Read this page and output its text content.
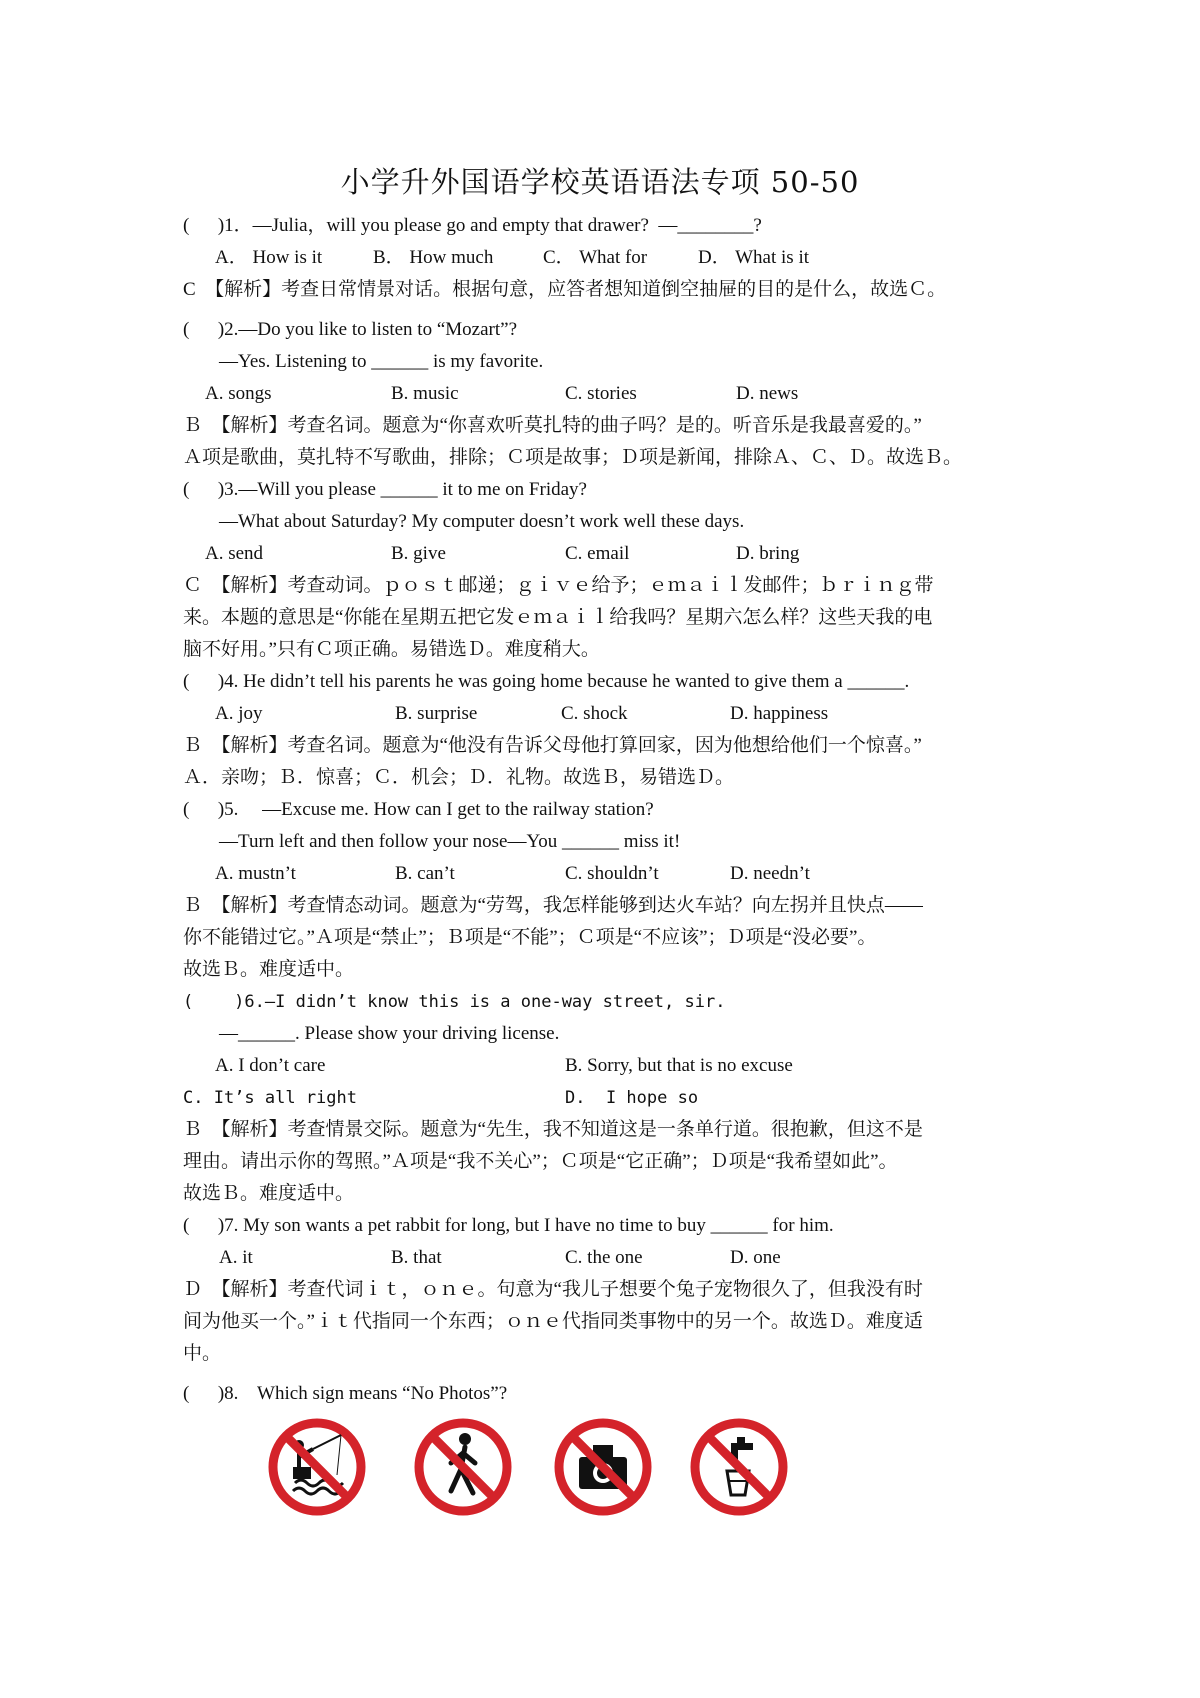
小学升外国语学校英语语法专项 50-50
(      )1．—Julia，will you please go and empty that drawer?  —________?
A． How is it	B． How much	C． What for	D． What is it
C  【解析】考查日常情景对话。根据句意，应答者想知道倒空抽屉的目的是什么，故选Ｃ。
(      )2.—Do you like to listen to “Mozart”?
—Yes. Listening to ______ is my favorite.
A. songs	B. music	C. stories	D. news
Ｂ  【解析】考查名词。题意为“你喜欢听莫扎特的曲子吗？是的。听音乐是我最喜爱的。”
Ａ项是歌曲，莫扎特不写歌曲，排除；Ｃ项是故事；Ｄ项是新闻，排除Ａ、Ｃ、Ｄ。故选Ｂ。
(      )3.—Will you please ______ it to me on Friday?
—What about Saturday? My computer doesn’t work well these days.
A. send	B. give	C. email	D. bring
Ｃ  【解析】考查动词。ｐｏｓｔ邮递；ｇｉｖｅ给予；ｅｍａｉｌ发邮件；ｂｒｉｎｇ带
来。本题的意思是“你能在星期五把它发ｅｍａｉｌ给我吗？星期六怎么样？这些天我的电
脑不好用。”只有Ｃ项正确。易错选Ｄ。难度稍大。
(      )4. He didn’t tell his parents he was going home because he wanted to give them a ______.
A. joy	B. surprise	C. shock	D. happiness
Ｂ  【解析】考查名词。题意为“他没有告诉父母他打算回家，因为他想给他们一个惊喜。”
Ａ．亲吻；Ｂ．惊喜；Ｃ．机会；Ｄ．礼物。故选Ｂ，易错选Ｄ。
(      )5.     —Excuse me. How can I get to the railway station?
—Turn left and then follow your nose—You ______ miss it!
A. mustn’t	B. can’t	C. shouldn’t	D. needn’t
Ｂ  【解析】考查情态动词。题意为“劳驾，我怎样能够到达火车站？向左拐并且快点——
你不能错过它。”Ａ项是“禁止”；Ｂ项是“不能”；Ｃ项是“不应该”；Ｄ项是“没必要”。
故选Ｂ。难度适中。
(    )6.—I didn’t know this is a one-way street, sir.
—______. Please show your driving license.
A. I don’t care	B. Sorry, but that is no excuse
C. It’s all right	D.  I hope so
Ｂ  【解析】考查情景交际。题意为“先生，我不知道这是一条单行道。很抱歉，但这不是
理由。请出示你的驾照。”Ａ项是“我不关心”；Ｃ项是“它正确”；Ｄ项是“我希望如此”。
故选Ｂ。难度适中。
(      )7. My son wants a pet rabbit for long, but I have no time to buy ______ for him.
A. it	B. that	C. the one	D. one
Ｄ  【解析】考查代词ｉｔ，ｏｎｅ。句意为“我儿子想要个兔子宠物很久了，但我没有时
间为他买一个。”ｉｔ代指同一个东西；ｏｎｅ代指同类事物中的另一个。故选Ｄ。难度适
中。
(      )8.    Which sign means “No Photos”?
